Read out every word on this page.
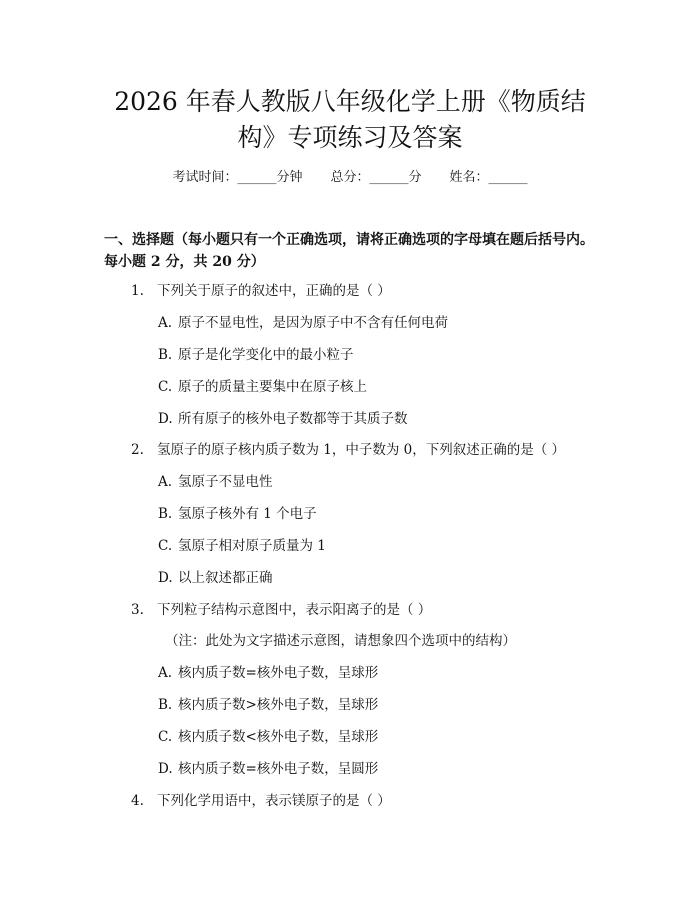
2026 年春人教版八年级化学上册《物质结
构》专项练习及答案
考试时间：______分钟 总分：______分 姓名：______

一、选择题（每小题只有一个正确选项，请将正确选项的字母填在题后括号内。

每小题 2 分，共 20 分）

1. 下列关于原子的叙述中，正确的是（ ）
A. 原子不显电性，是因为原子中不含有任何电荷
B. 原子是化学变化中的最小粒子
C. 原子的质量主要集中在原子核上
D. 所有原子的核外电子数都等于其质子数
2. 氢原子的原子核内质子数为 1，中子数为 0，下列叙述正确的是（ ）
A. 氢原子不显电性
B. 氢原子核外有 1 个电子
C. 氢原子相对原子质量为 1
D. 以上叙述都正确
3. 下列粒子结构示意图中，表示阳离子的是（ ）
（注：此处为文字描述示意图，请想象四个选项中的结构）
A. 核内质子数=核外电子数，呈球形
B. 核内质子数>核外电子数，呈球形
C. 核内质子数<核外电子数，呈球形
D. 核内质子数=核外电子数，呈圆形
4. 下列化学用语中，表示镁原子的是（ ）
